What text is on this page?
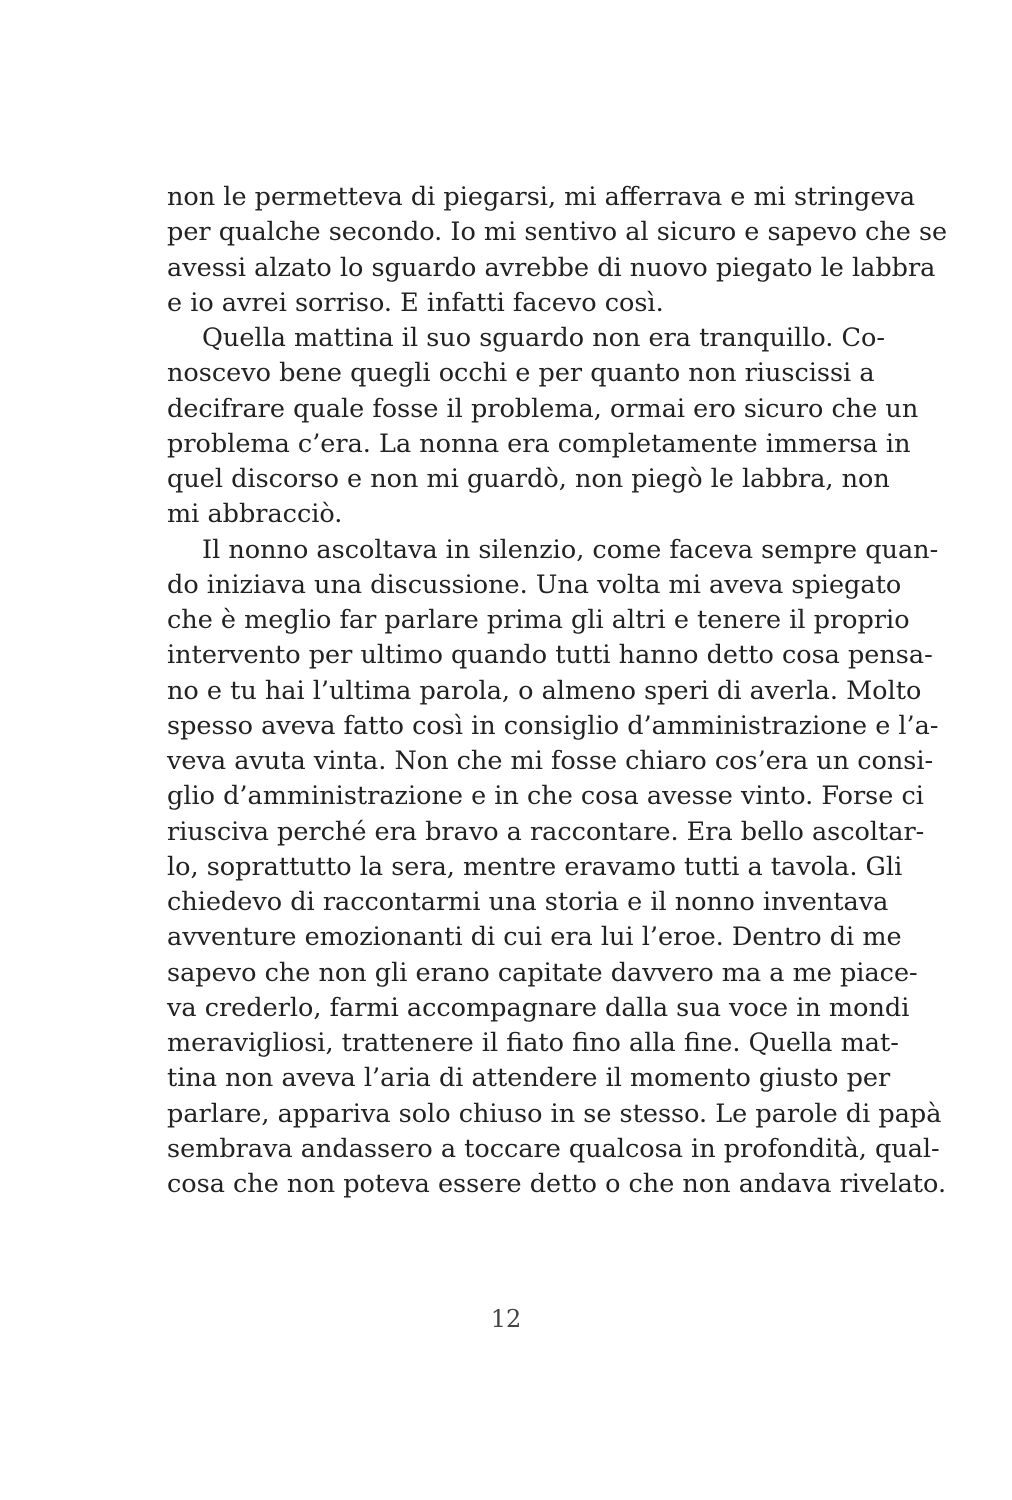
non le permetteva di piegarsi, mi afferrava e mi stringeva
per qualche secondo. Io mi sentivo al sicuro e sapevo che se
avessi alzato lo sguardo avrebbe di nuovo piegato le labbra
e io avrei sorriso. E infatti facevo così.
Quella mattina il suo sguardo non era tranquillo. Co-
noscevo bene quegli occhi e per quanto non riuscissi a
decifrare quale fosse il problema, ormai ero sicuro che un
problema c’era. La nonna era completamente immersa in
quel discorso e non mi guardò, non piegò le labbra, non
mi abbracciò.
Il nonno ascoltava in silenzio, come faceva sempre quan-
do iniziava una discussione. Una volta mi aveva spiegato
che è meglio far parlare prima gli altri e tenere il proprio
intervento per ultimo quando tutti hanno detto cosa pensa-
no e tu hai l’ultima parola, o almeno speri di averla. Molto
spesso aveva fatto così in consiglio d’amministrazione e l’a-
veva avuta vinta. Non che mi fosse chiaro cos’era un consi-
glio d’amministrazione e in che cosa avesse vinto. Forse ci
riusciva perché era bravo a raccontare. Era bello ascoltar-
lo, soprattutto la sera, mentre eravamo tutti a tavola. Gli
chiedevo di raccontarmi una storia e il nonno inventava
avventure emozionanti di cui era lui l’eroe. Dentro di me
sapevo che non gli erano capitate davvero ma a me piace-
va crederlo, farmi accompagnare dalla sua voce in mondi
meravigliosi, trattenere il fiato fino alla fine. Quella mat-
tina non aveva l’aria di attendere il momento giusto per
parlare, appariva solo chiuso in se stesso. Le parole di papà
sembrava andassero a toccare qualcosa in profondità, qual-
cosa che non poteva essere detto o che non andava rivelato.
12
